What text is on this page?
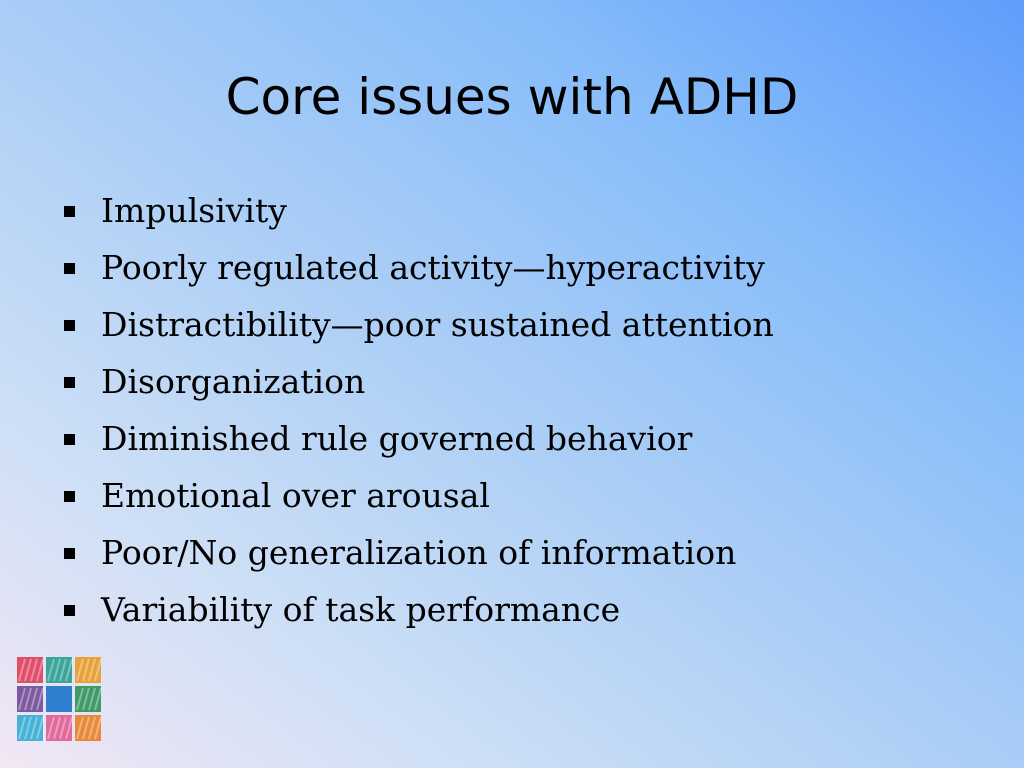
Core issues with ADHD
Impulsivity
Poorly regulated activity—hyperactivity
Distractibility—poor sustained attention
Disorganization
Diminished rule governed behavior
Emotional over arousal
Poor/No generalization of information
Variability of task performance
